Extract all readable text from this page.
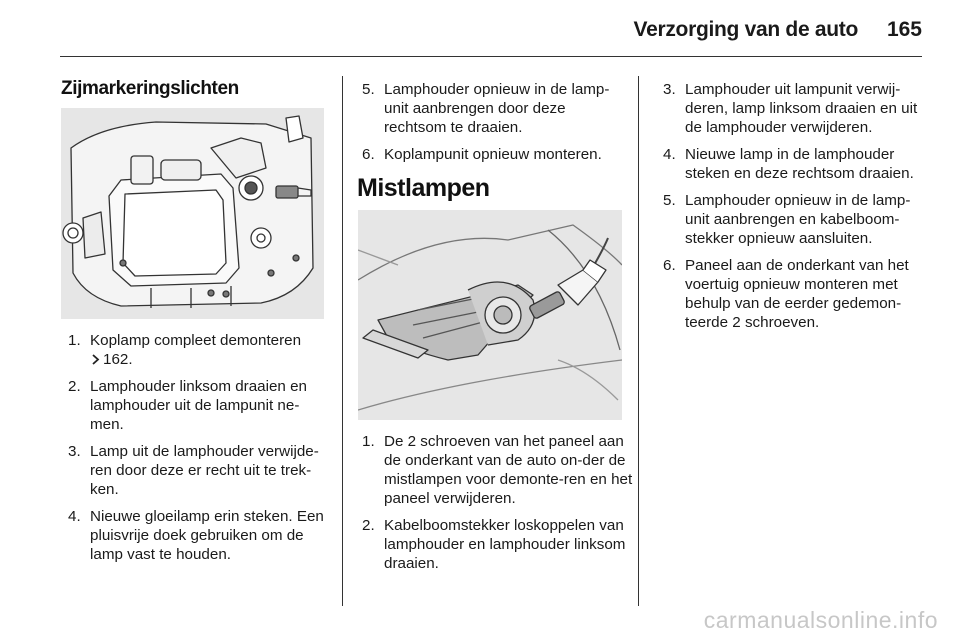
Verzorging van de auto	165
Zijmarkeringslichten
1. Koplamp compleet demonteren
162.
2. Lamphouder linksom draaien en lamphouder uit de lampunit ne-men.
3. Lamp uit de lamphouder verwijde-ren door deze er recht uit te trek-ken.
4. Nieuwe gloeilamp erin steken. Een pluisvrije doek gebruiken om de lamp vast te houden.
5. Lamphouder opnieuw in de lamp-unit aanbrengen door deze rechtsom te draaien.
6. Koplampunit opnieuw monteren.
Mistlampen
1. De 2 schroeven van het paneel aan de onderkant van de auto on-der de mistlampen voor demonte-ren en het paneel verwijderen.
2. Kabelboomstekker loskoppelen van lamphouder en lamphouder linksom draaien.
3. Lamphouder uit lampunit verwij-deren, lamp linksom draaien en uit de lamphouder verwijderen.
4. Nieuwe lamp in de lamphouder steken en deze rechtsom draaien.
5. Lamphouder opnieuw in de lamp-unit aanbrengen en kabelboom-stekker opnieuw aansluiten.
6. Paneel aan de onderkant van het voertuig opnieuw monteren met behulp van de eerder gedemon-teerde 2 schroeven.
carmanualsonline.info
